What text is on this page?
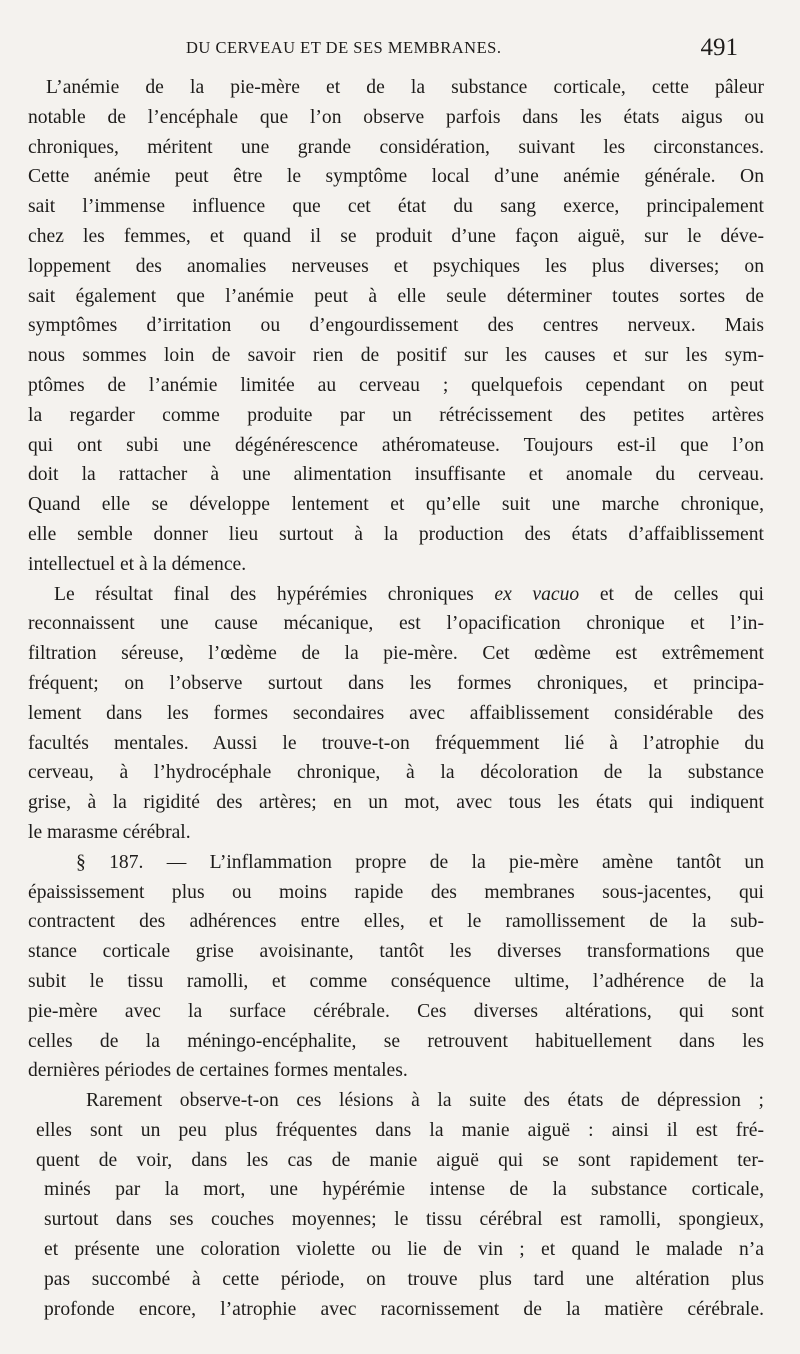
DU CERVEAU ET DE SES MEMBRANES.	491
L’anémie de la pie-mère et de la substance corticale, cette pâleur
notable de l’encéphale que l’on observe parfois dans les états aigus ou
chroniques, méritent une grande considération, suivant les circonstances.
Cette anémie peut être le symptôme local d’une anémie générale. On
sait l’immense influence que cet état du sang exerce, principalement
chez les femmes, et quand il se produit d’une façon aiguë, sur le déve-
loppement des anomalies nerveuses et psychiques les plus diverses; on
sait également que l’anémie peut à elle seule déterminer toutes sortes de
symptômes d’irritation ou d’engourdissement des centres nerveux. Mais
nous sommes loin de savoir rien de positif sur les causes et sur les sym-
ptômes de l’anémie limitée au cerveau ; quelquefois cependant on peut
la regarder comme produite par un rétrécissement des petites artères
qui ont subi une dégénérescence athéromateuse. Toujours est-il que l’on
doit la rattacher à une alimentation insuffisante et anomale du cerveau.
Quand elle se développe lentement et qu’elle suit une marche chronique,
elle semble donner lieu surtout à la production des états d’affaiblissement
intellectuel et à la démence.
Le résultat final des hypérémies chroniques ex vacuo et de celles qui
reconnaissent une cause mécanique, est l’opacification chronique et l’in-
filtration séreuse, l’œdème de la pie-mère. Cet œdème est extrêmement
fréquent; on l’observe surtout dans les formes chroniques, et principa-
lement dans les formes secondaires avec affaiblissement considérable des
facultés mentales. Aussi le trouve-t-on fréquemment lié à l’atrophie du
cerveau, à l’hydrocéphale chronique, à la décoloration de la substance
grise, à la rigidité des artères; en un mot, avec tous les états qui indiquent
le marasme cérébral.
§ 187. — L’inflammation propre de la pie-mère amène tantôt un
épaississement plus ou moins rapide des membranes sous-jacentes, qui
contractent des adhérences entre elles, et le ramollissement de la sub-
stance corticale grise avoisinante, tantôt les diverses transformations que
subit le tissu ramolli, et comme conséquence ultime, l’adhérence de la
pie-mère avec la surface cérébrale. Ces diverses altérations, qui sont
celles de la méningo-encéphalite, se retrouvent habituellement dans les
dernières périodes de certaines formes mentales.
Rarement observe-t-on ces lésions à la suite des états de dépression ;
elles sont un peu plus fréquentes dans la manie aiguë : ainsi il est fré-
quent de voir, dans les cas de manie aiguë qui se sont rapidement ter-
minés par la mort, une hypérémie intense de la substance corticale,
surtout dans ses couches moyennes; le tissu cérébral est ramolli, spongieux,
et présente une coloration violette ou lie de vin ; et quand le malade n’a
pas succombé à cette période, on trouve plus tard une altération plus
profonde encore, l’atrophie avec racornissement de la matière cérébrale.
